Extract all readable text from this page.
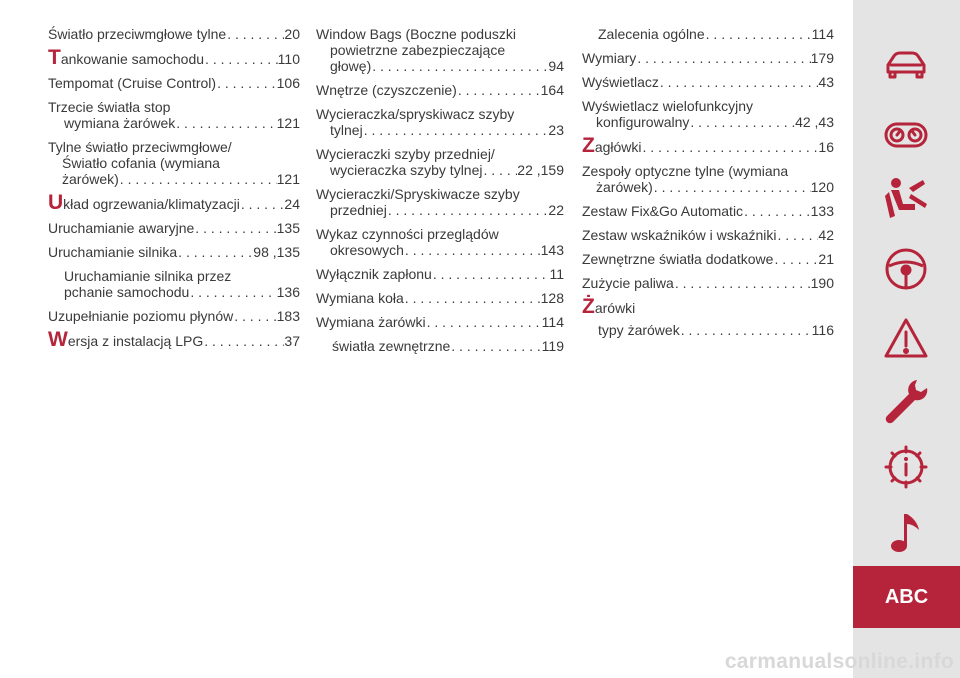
Światło przeciwmgłowe tylne . . .	20
Tankowanie samochodu . . .	110
Tempomat (Cruise Control) . . .	106
Trzecie światła stop
wymiana żarówek . . .	121
Tylne światło przeciwmgłowe/
Światło cofania (wymiana
żarówek) . . .	121
Układ ogrzewania/klimatyzacji . . .	24
Uruchamianie awaryjne . . .	135
Uruchamianie silnika . . .	98 ,135
Uruchamianie silnika przez
pchanie samochodu . . .	136
Uzupełnianie poziomu płynów . . .	183
Wersja z instalacją LPG . . .	37
Window Bags (Boczne poduszki
powietrzne zabezpieczające
głowę) . . .	94
Wnętrze (czyszczenie) . . .	164
Wycieraczka/spryskiwacz szyby
tylnej . . .	23
Wycieraczki szyby przedniej/
wycieraczka szyby tylnej . . . 22 ,159
Wycieraczki/Spryskiwacze szyby
przedniej . . .	22
Wykaz czynności przeglądów
okresowych . . .	143
Wyłącznik zapłonu . . .	11
Wymiana koła . . .	128
Wymiana żarówki . . .	114
światła zewnętrzne . . .	119
Zalecenia ogólne . . .	114
Wymiary . . .	179
Wyświetlacz . . .	43
Wyświetlacz wielofunkcyjny
konfigurowalny . . .	42 ,43
Zagłówki . . .	16
Zespoły optyczne tylne (wymiana
żarówek) . . .	120
Zestaw Fix&Go Automatic . . .	133
Zestaw wskaźników i wskaźniki . . .	42
Zewnętrzne światła dodatkowe . . .	21
Zużycie paliwa . . .	190
Żarówki
typy żarówek . . .	116
ABC
carmanualsonline.info
